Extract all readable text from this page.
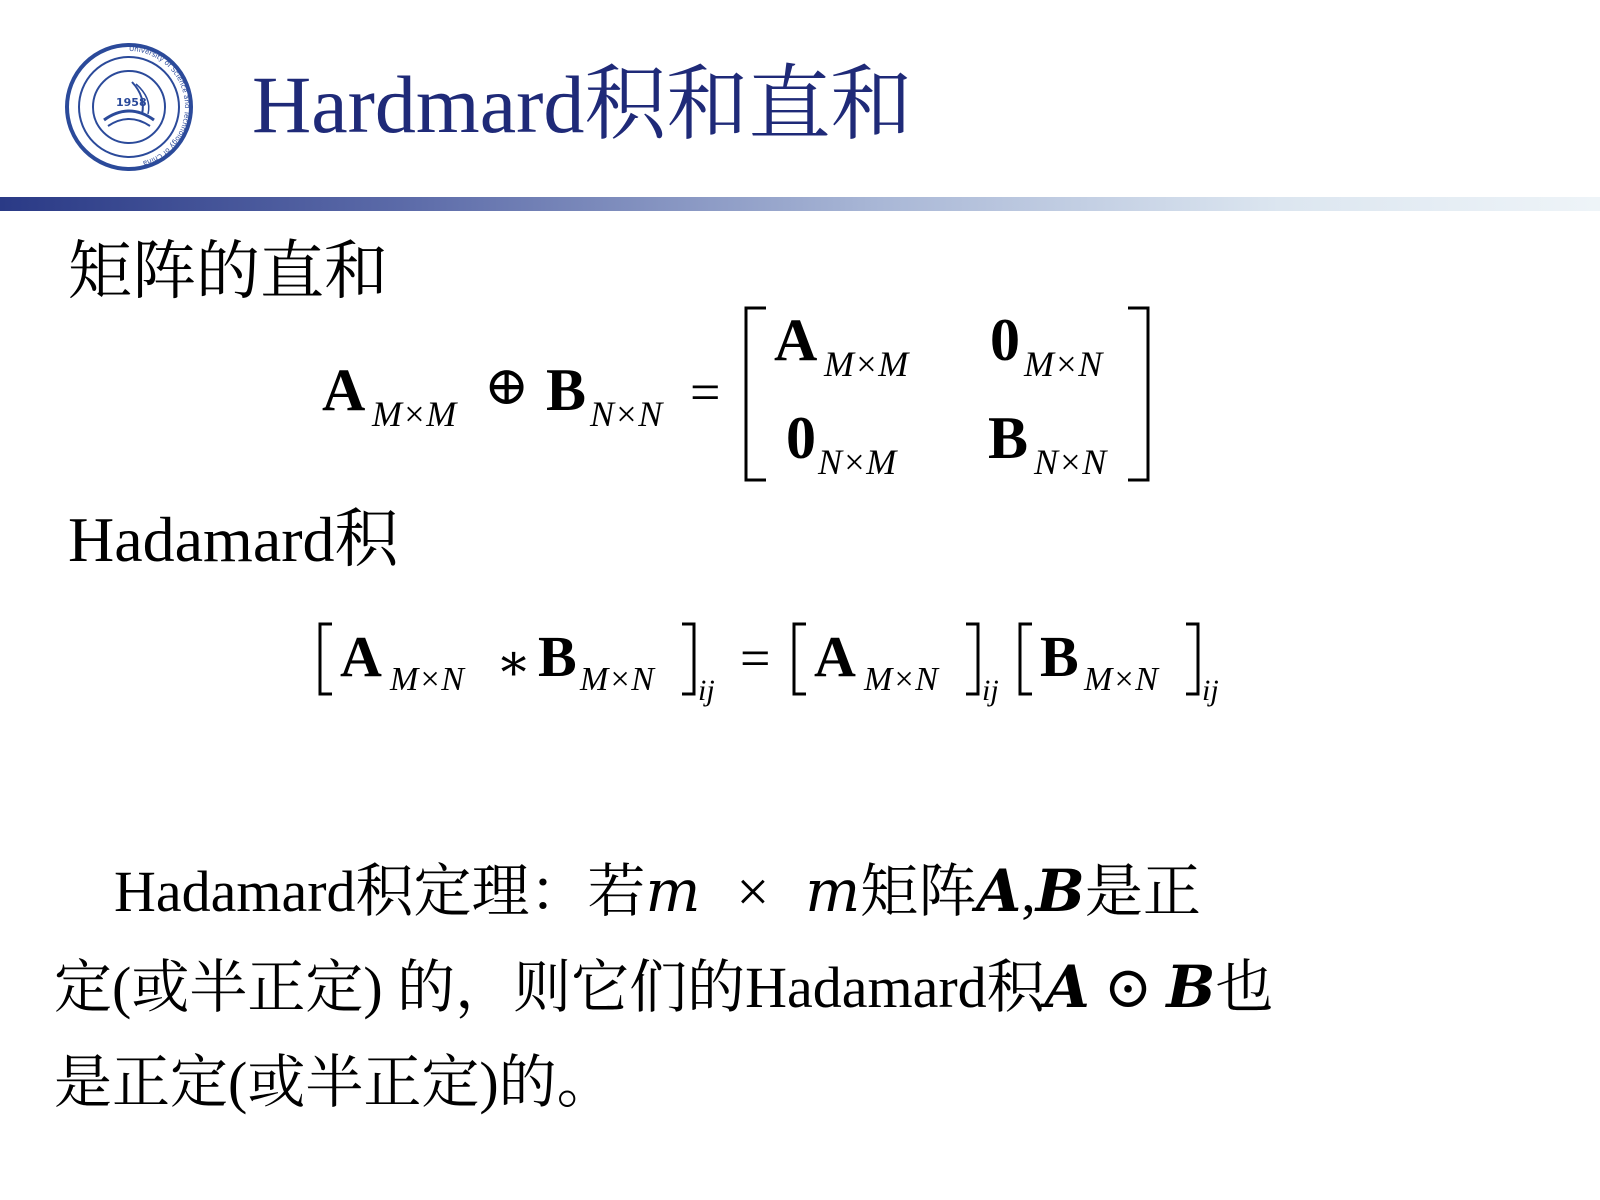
University of Science and Technology of China
1958 Hardmard积和直和
矩阵的直和
A M×M ⊕ B N×N =
A M×M 0 M×N
0 N×M B N×N
Hadamard积
A M×N ∗ B M×N ij
= A M×N ij
B M×N ij
Hadamard积定理：若m × m矩阵A,B是正
定(或半正定) 的，则它们的Hadamard积A ⊙ B也
是正定(或半正定)的。
